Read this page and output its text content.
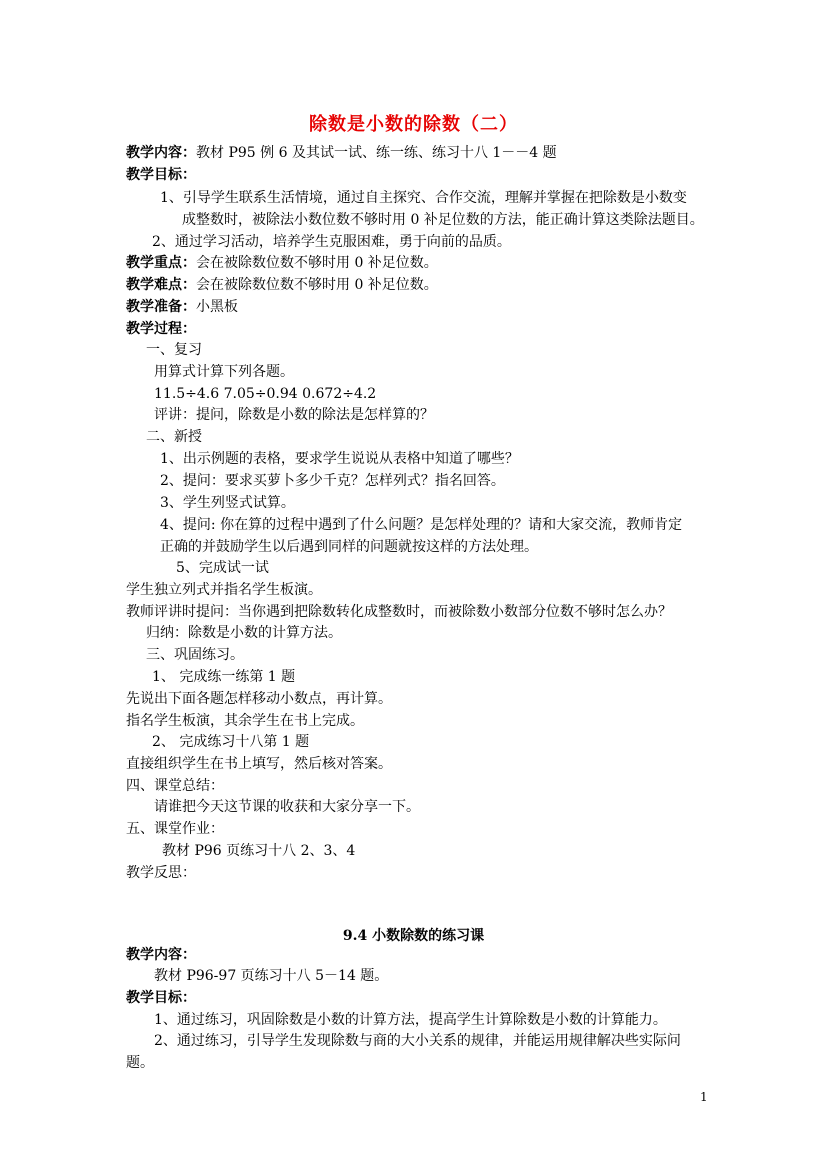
除数是小数的除数（二）
教学内容：教材 P95 例 6 及其试一试、练一练、练习十八 1－－4 题
教学目标：
1、引导学生联系生活情境，通过自主探究、合作交流，理解并掌握在把除数是小数变
成整数时，被除法小数位数不够时用 0 补足位数的方法，能正确计算这类除法题目。
2、通过学习活动，培养学生克服困难，勇于向前的品质。
教学重点：会在被除数位数不够时用 0 补足位数。
教学难点：会在被除数位数不够时用 0 补足位数。
教学准备：小黑板
教学过程：
一、复习
用算式计算下列各题。
11.5÷4.6 7.05÷0.94 0.672÷4.2
评讲：提问，除数是小数的除法是怎样算的？
二、新授
1、出示例题的表格，要求学生说说从表格中知道了哪些？
2、提问：要求买萝卜多少千克？怎样列式？指名回答。
3、学生列竖式试算。
4、提问: 你在算的过程中遇到了什么问题？是怎样处理的？请和大家交流，教师肯定
正确的并鼓励学生以后遇到同样的问题就按这样的方法处理。
5、完成试一试
学生独立列式并指名学生板演。
教师评讲时提问：当你遇到把除数转化成整数时，而被除数小数部分位数不够时怎么办？
归纳：除数是小数的计算方法。
三、巩固练习。
1、 完成练一练第 1 题
先说出下面各题怎样移动小数点，再计算。
指名学生板演，其余学生在书上完成。
2、 完成练习十八第 1 题
直接组织学生在书上填写，然后核对答案。
四、课堂总结：
请谁把今天这节课的收获和大家分享一下。
五、课堂作业：
教材 P96 页练习十八 2、3、4
教学反思：
9.4 小数除数的练习课
教学内容：
教材 P96-97 页练习十八 5－14 题。
教学目标：
1、通过练习，巩固除数是小数的计算方法，提高学生计算除数是小数的计算能力。
2、通过练习，引导学生发现除数与商的大小关系的规律，并能运用规律解决些实际问
题。
1
